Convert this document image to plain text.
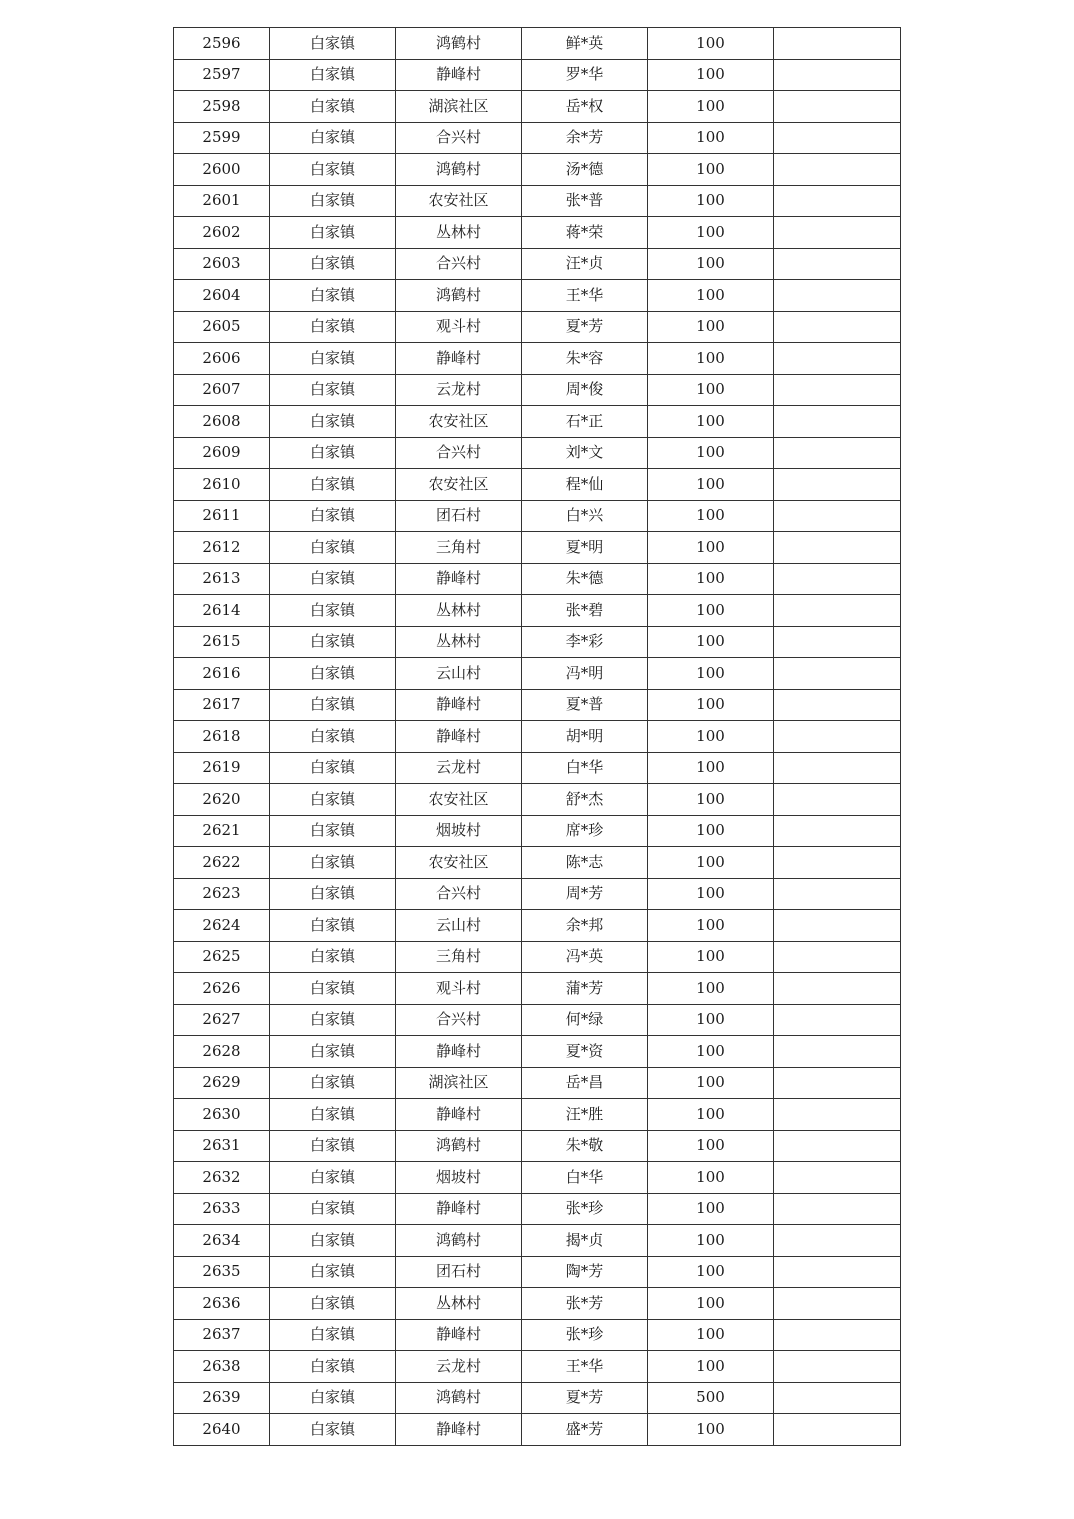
2596	白家镇	鸿鹤村	鲜*英	100	
2597	白家镇	静峰村	罗*华	100	
2598	白家镇	湖滨社区	岳*权	100	
2599	白家镇	合兴村	余*芳	100	
2600	白家镇	鸿鹤村	汤*德	100	
2601	白家镇	农安社区	张*普	100	
2602	白家镇	丛林村	蒋*荣	100	
2603	白家镇	合兴村	汪*贞	100	
2604	白家镇	鸿鹤村	王*华	100	
2605	白家镇	观斗村	夏*芳	100	
2606	白家镇	静峰村	朱*容	100	
2607	白家镇	云龙村	周*俊	100	
2608	白家镇	农安社区	石*正	100	
2609	白家镇	合兴村	刘*文	100	
2610	白家镇	农安社区	程*仙	100	
2611	白家镇	团石村	白*兴	100	
2612	白家镇	三角村	夏*明	100	
2613	白家镇	静峰村	朱*德	100	
2614	白家镇	丛林村	张*碧	100	
2615	白家镇	丛林村	李*彩	100	
2616	白家镇	云山村	冯*明	100	
2617	白家镇	静峰村	夏*普	100	
2618	白家镇	静峰村	胡*明	100	
2619	白家镇	云龙村	白*华	100	
2620	白家镇	农安社区	舒*杰	100	
2621	白家镇	烟坡村	席*珍	100	
2622	白家镇	农安社区	陈*志	100	
2623	白家镇	合兴村	周*芳	100	
2624	白家镇	云山村	余*邦	100	
2625	白家镇	三角村	冯*英	100	
2626	白家镇	观斗村	蒲*芳	100	
2627	白家镇	合兴村	何*绿	100	
2628	白家镇	静峰村	夏*资	100	
2629	白家镇	湖滨社区	岳*昌	100	
2630	白家镇	静峰村	汪*胜	100	
2631	白家镇	鸿鹤村	朱*敬	100	
2632	白家镇	烟坡村	白*华	100	
2633	白家镇	静峰村	张*珍	100	
2634	白家镇	鸿鹤村	揭*贞	100	
2635	白家镇	团石村	陶*芳	100	
2636	白家镇	丛林村	张*芳	100	
2637	白家镇	静峰村	张*珍	100	
2638	白家镇	云龙村	王*华	100	
2639	白家镇	鸿鹤村	夏*芳	500	
2640	白家镇	静峰村	盛*芳	100	
